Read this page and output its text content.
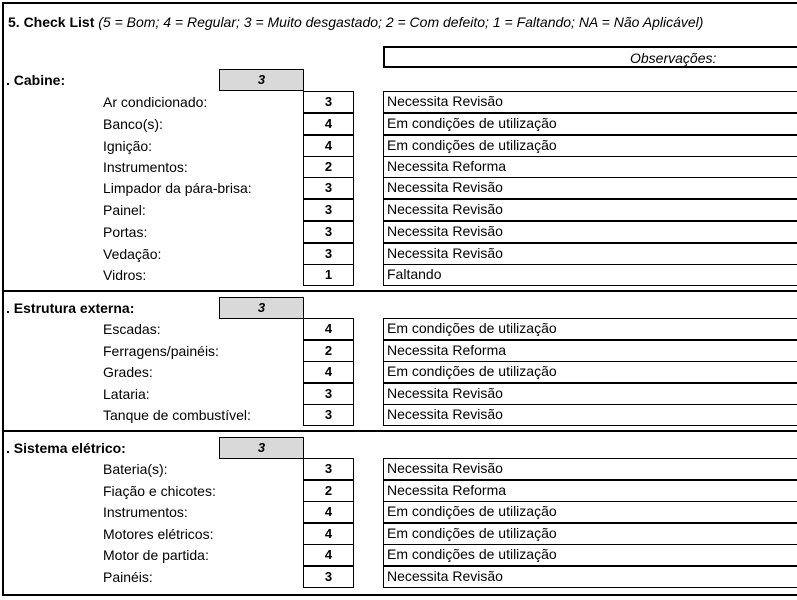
5. Check List (5 = Bom; 4 = Regular; 3 = Muito desgastado; 2 = Com defeito; 1 = Faltando; NA = Não Aplicável)
Observações:
. Cabine:	3
Ar condicionado:	3	Necessita Revisão
Banco(s):	4	Em condições de utilização
Ignição:	4	Em condições de utilização
Instrumentos:	2	Necessita Reforma
Limpador da pára-brisa:	3	Necessita Revisão
Painel:	3	Necessita Revisão
Portas:	3	Necessita Revisão
Vedação:	3	Necessita Revisão
Vidros:	1	Faltando
. Estrutura externa:	3
Escadas:	4	Em condições de utilização
Ferragens/painéis:	2	Necessita Reforma
Grades:	4	Em condições de utilização
Lataria:	3	Necessita Revisão
Tanque de combustível:	3	Necessita Revisão
. Sistema elétrico:	3
Bateria(s):	3	Necessita Revisão
Fiação e chicotes:	2	Necessita Reforma
Instrumentos:	4	Em condições de utilização
Motores elétricos:	4	Em condições de utilização
Motor de partida:	4	Em condições de utilização
Painéis:	3	Necessita Revisão
